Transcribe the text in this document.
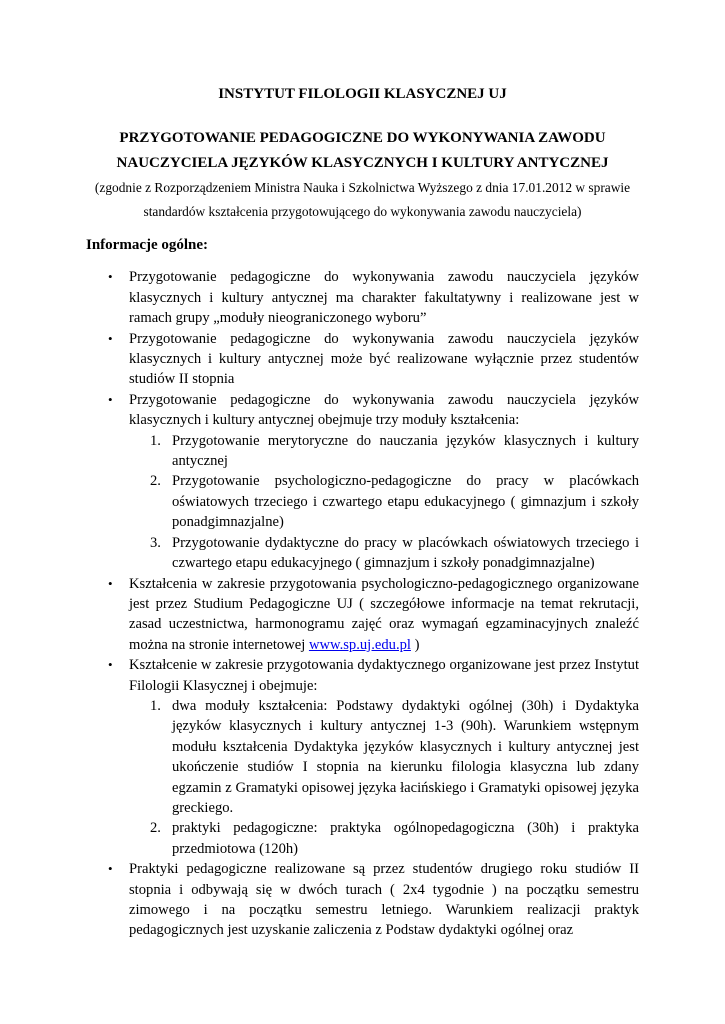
INSTYTUT FILOLOGII KLASYCZNEJ UJ

PRZYGOTOWANIE PEDAGOGICZNE DO WYKONYWANIA ZAWODU

NAUCZYCIELA JĘZYKÓW KLASYCZNYCH I KULTURY ANTYCZNEJ

(zgodnie z Rozporządzeniem Ministra Nauka i Szkolnictwa Wyższego z dnia 17.01.2012 w sprawie

standardów kształcenia przygotowującego do wykonywania zawodu nauczyciela)

Informacje ogólne:

• Przygotowanie pedagogiczne do wykonywania zawodu nauczyciela języków klasycznych i kultury antycznej ma charakter fakultatywny i realizowane jest w ramach grupy „moduły nieograniczonego wyboru”
• Przygotowanie pedagogiczne do wykonywania zawodu nauczyciela języków klasycznych i kultury antycznej może być realizowane wyłącznie przez studentów studiów II stopnia
• Przygotowanie pedagogiczne do wykonywania zawodu nauczyciela języków klasycznych i kultury antycznej obejmuje trzy moduły kształcenia:
1. Przygotowanie merytoryczne do nauczania języków klasycznych i kultury antycznej
2. Przygotowanie psychologiczno-pedagogiczne do pracy w placówkach oświatowych trzeciego i czwartego etapu edukacyjnego ( gimnazjum i szkoły ponadgimnazjalne)
3. Przygotowanie dydaktyczne do pracy w placówkach oświatowych trzeciego i czwartego etapu edukacyjnego ( gimnazjum i szkoły ponadgimnazjalne)
• Kształcenia w zakresie przygotowania psychologiczno-pedagogicznego organizowane jest przez Studium Pedagogiczne UJ ( szczegółowe informacje na temat rekrutacji, zasad uczestnictwa, harmonogramu zajęć oraz wymagań egzaminacyjnych znaleźć można na stronie internetowej www.sp.uj.edu.pl )
• Kształcenie w zakresie przygotowania dydaktycznego organizowane jest przez Instytut Filologii Klasycznej i obejmuje:
1. dwa moduły kształcenia: Podstawy dydaktyki ogólnej (30h) i Dydaktyka języków klasycznych i kultury antycznej 1-3 (90h). Warunkiem wstępnym modułu kształcenia Dydaktyka języków klasycznych i kultury antycznej jest ukończenie studiów I stopnia na kierunku filologia klasyczna lub zdany egzamin z Gramatyki opisowej języka łacińskiego i Gramatyki opisowej języka greckiego.
2. praktyki pedagogiczne: praktyka ogólnopedagogiczna (30h) i praktyka przedmiotowa (120h)
• Praktyki pedagogiczne realizowane są przez studentów drugiego roku studiów II stopnia i odbywają się w dwóch turach ( 2x4 tygodnie ) na początku semestru zimowego i na początku semestru letniego. Warunkiem realizacji praktyk pedagogicznych jest uzyskanie zaliczenia z Podstaw dydaktyki ogólnej oraz
